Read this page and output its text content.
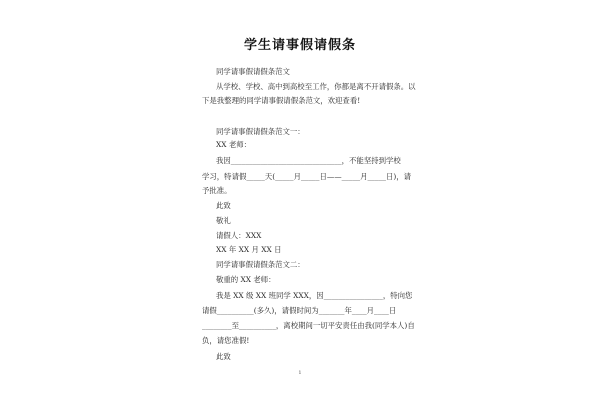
学生请事假请假条
同学请事假请假条范文
从学校、学校、高中到高校至工作，你都是离不开请假条。以
下是我整理的同学请事假请假条范文，欢迎查看!
同学请事假请假条范文一：
XX 老师：
我因______________________________，不能坚持到学校
学习，特请假_____天(_____月_____日——_____月_____日)，请
予批准。
此致
敬礼
请假人：XXX
XX 年 XX 月 XX 日
同学请事假请假条范文二：
敬重的 XX 老师：
我是 XX 级 XX 班同学 XXX，因________________，特向您
请假__________(多久)，请假时间为_______年____月____日
________至__________，离校期间一切平安责任由我(同学本人)自
负，请您准假!
此致
1
